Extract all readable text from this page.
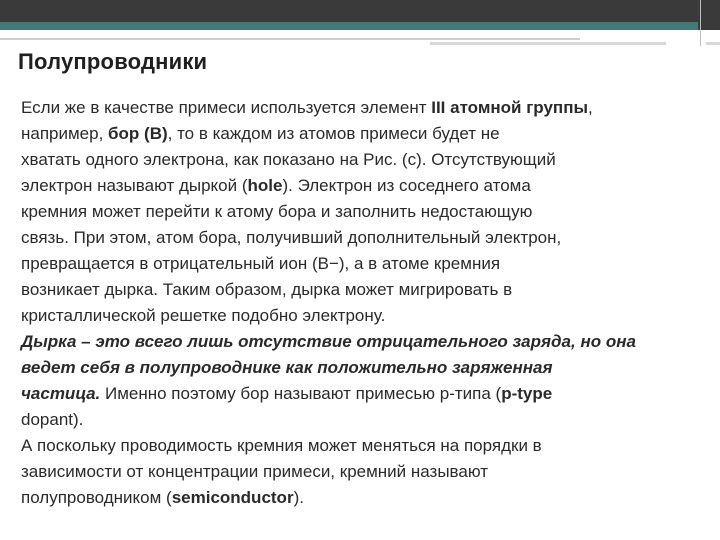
Полупроводники
Если же в качестве примеси используется элемент III атомной группы,
например, бор (B), то в каждом из атомов примеси будет не
хватать одного электрона, как показано на Рис. (с). Отсутствующий
электрон называют дыркой (hole). Электрон из соседнего атома
кремния может перейти к атому бора и заполнить недостающую
связь. При этом, атом бора, получивший дополнительный электрон,
превращается в отрицательный ион (B−), а в атоме кремния
возникает дырка. Таким образом, дырка может мигрировать в
кристаллической решетке подобно электрону.
Дырка – это всего лишь отсутствие отрицательного заряда, но она
ведет себя в полупроводнике как положительно заряженная
частица. Именно поэтому бор называют примесью р-типа (p-type
dopant).
А поскольку проводимость кремния может меняться на порядки в
зависимости от концентрации примеси, кремний называют
полупроводником (semiconductor).
